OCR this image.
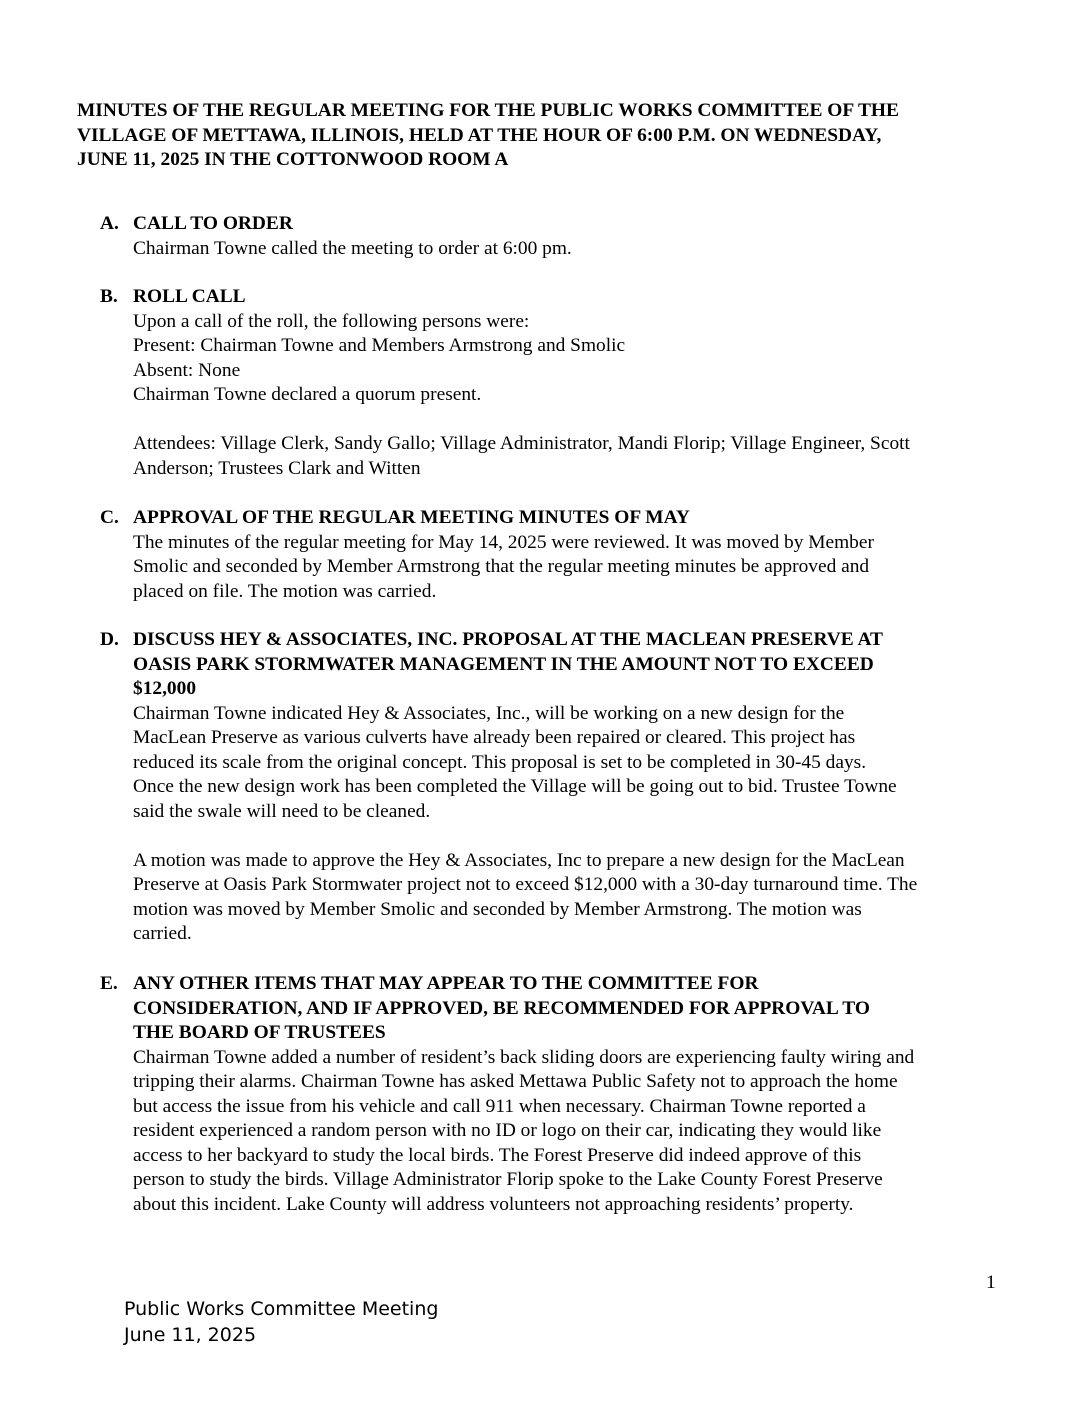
MINUTES OF THE REGULAR MEETING FOR THE PUBLIC WORKS COMMITTEE OF THE
VILLAGE OF METTAWA, ILLINOIS, HELD AT THE HOUR OF 6:00 P.M. ON WEDNESDAY,
JUNE 11, 2025 IN THE COTTONWOOD ROOM A
A. CALL TO ORDER
Chairman Towne called the meeting to order at 6:00 pm.
B. ROLL CALL
Upon a call of the roll, the following persons were:
Present: Chairman Towne and Members Armstrong and Smolic
Absent: None
Chairman Towne declared a quorum present.
Attendees: Village Clerk, Sandy Gallo; Village Administrator, Mandi Florip; Village Engineer, Scott
Anderson; Trustees Clark and Witten
C. APPROVAL OF THE REGULAR MEETING MINUTES OF MAY
The minutes of the regular meeting for May 14, 2025 were reviewed. It was moved by Member
Smolic and seconded by Member Armstrong that the regular meeting minutes be approved and
placed on file. The motion was carried.
D. DISCUSS HEY & ASSOCIATES, INC. PROPOSAL AT THE MACLEAN PRESERVE AT
OASIS PARK STORMWATER MANAGEMENT IN THE AMOUNT NOT TO EXCEED
$12,000
Chairman Towne indicated Hey & Associates, Inc., will be working on a new design for the
MacLean Preserve as various culverts have already been repaired or cleared. This project has
reduced its scale from the original concept. This proposal is set to be completed in 30-45 days.
Once the new design work has been completed the Village will be going out to bid. Trustee Towne
said the swale will need to be cleaned.
A motion was made to approve the Hey & Associates, Inc to prepare a new design for the MacLean
Preserve at Oasis Park Stormwater project not to exceed $12,000 with a 30-day turnaround time. The
motion was moved by Member Smolic and seconded by Member Armstrong. The motion was
carried.
E. ANY OTHER ITEMS THAT MAY APPEAR TO THE COMMITTEE FOR
CONSIDERATION, AND IF APPROVED, BE RECOMMENDED FOR APPROVAL TO
THE BOARD OF TRUSTEES
Chairman Towne added a number of resident’s back sliding doors are experiencing faulty wiring and
tripping their alarms. Chairman Towne has asked Mettawa Public Safety not to approach the home
but access the issue from his vehicle and call 911 when necessary. Chairman Towne reported a
resident experienced a random person with no ID or logo on their car, indicating they would like
access to her backyard to study the local birds. The Forest Preserve did indeed approve of this
person to study the birds. Village Administrator Florip spoke to the Lake County Forest Preserve
about this incident. Lake County will address volunteers not approaching residents’ property.
1
Public Works Committee Meeting
June 11, 2025
